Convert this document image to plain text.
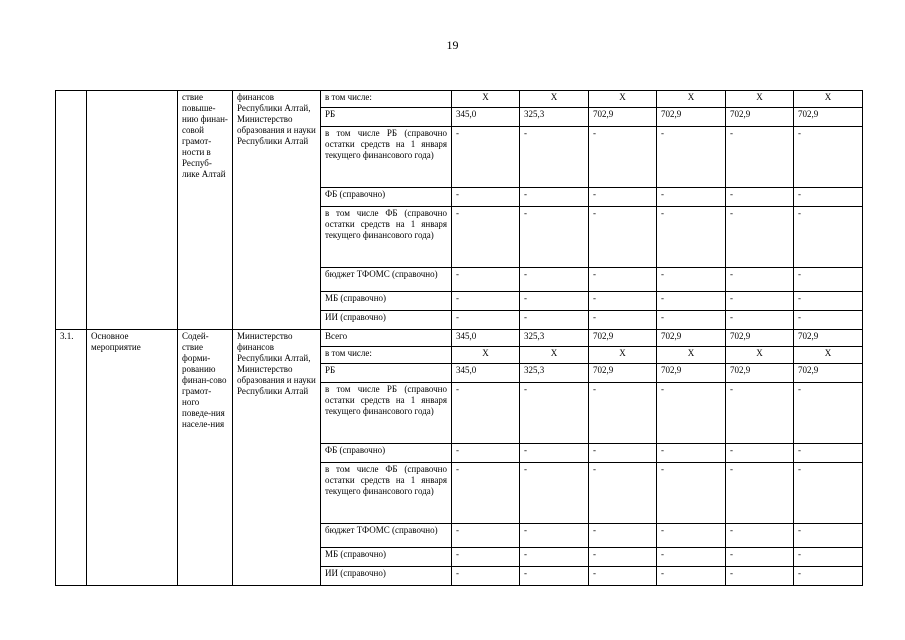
19

		ствие повыше-нию финан-совой грамот-ности в Респуб-лике Алтай	финансов Республики Алтай, Министерство образования и науки Республики Алтай	в том числе:	Х	Х	Х	Х	Х	Х

				РБ	345,0	325,3	702,9	702,9	702,9	702,9

				в том числе РБ (справочно остатки средств на 1 января текущего финансового года)	-	-	-	-	-	-

				ФБ (справочно)	-	-	-	-	-	-

				в том числе ФБ (справочно остатки средств на 1 января текущего финансового года)	-	-	-	-	-	-

				бюджет ТФОМС (справочно)	-	-	-	-	-	-

				МБ (справочно)	-	-	-	-	-	-

				ИИ (справочно)	-	-	-	-	-	-

3.1.	Основное мероприятие	Содей-ствие форми-рованию финан-сово грамот-ного поведе-ния населе-ния	Министерство финансов Республики Алтай, Министерство образования и науки Республики Алтай	Всего	345,0	325,3	702,9	702,9	702,9	702,9

				в том числе:	Х	Х	Х	Х	Х	Х

				РБ	345,0	325,3	702,9	702,9	702,9	702,9

				в том числе РБ (справочно остатки средств на 1 января текущего финансового года)	-	-	-	-	-	-

				ФБ (справочно)	-	-	-	-	-	-

				в том числе ФБ (справочно остатки средств на 1 января текущего финансового года)	-	-	-	-	-	-

				бюджет ТФОМС (справочно)	-	-	-	-	-	-

				МБ (справочно)	-	-	-	-	-	-

				ИИ (справочно)	-	-	-	-	-	-
